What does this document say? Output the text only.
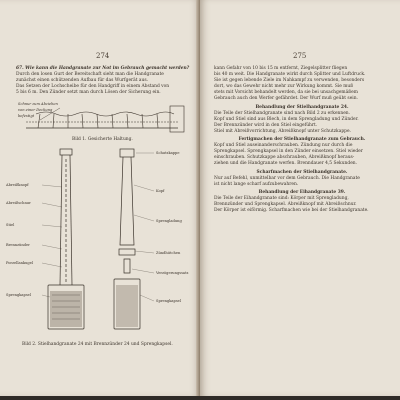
274

67. Wie kann die Handgranate zur Not im Gebrauch gemacht werden?

Durch den losen Gurt der Bereitschaft sieht man die Handgranate

zunächst einen schützenden Aufbau für das Wurfgerät aus.

Das Setzen der Lochscheibe für den Handgriff in einem Abstand von

5 bis 6 m. Den Zünder setzt man durch Lösen der Sicherung ein.

Schnur zum Abziehen
von einer Deckung
befestigt
Bild 1. Gesicherte Haltung.
Abreißknopf
Abreißschnur
Stiel
Brennzünder
Porzellankugel
Sprengkapsel
Schutzkappe
Kopf
Sprengladung
Zündhütchen
Verzögerungssatz
Sprengkapsel
Bild 2. Stielhandgranate 24 mit Brennzünder 24 und Sprengkapsel.
275

kann Gefahr von 10 bis 15 m entfernt, Ziegelsplitter fliegen

bis 40 m weit. Die Handgranate wirkt durch Splitter und Luftdruck.

Sie ist gegen lebende Ziele im Nahkampf zu verwenden, besonders

dort, wo das Gewehr nicht mehr zur Wirkung kommt. Sie muß

stets mit Vorsicht behandelt werden, da sie bei unsachgemäßem

Gebrauch auch den Werfer gefährdet. Der Wurf muß geübt sein.

Behandlung der Stielhandgranate 24.

Die Teile der Stielhandgranate sind nach Bild 2 zu erkennen.

Kopf und Stiel sind aus Blech, in dem Sprengladung und Zünder.

Der Brennzünder wird in den Stiel eingeführt.

Stiel mit Abreißvorrichtung, Abreißknopf unter Schutzkappe.

Fertigmachen der Stielhandgranate zum Gebrauch.

Kopf und Stiel auseinanderschrauben. Zündung nur durch die

Sprengkapsel. Sprengkapsel in den Zünder einsetzen. Stiel wieder

einschrauben. Schutzkappe abschrauben, Abreißknopf heraus-

ziehen und die Handgranate werfen. Brenndauer 4,5 Sekunden.

Scharfmachen der Stielhandgranate.

Nur auf Befehl, unmittelbar vor dem Gebrauch. Die Handgranate

ist nicht lange scharf aufzubewahren.

Behandlung der Eihandgranate 39.

Die Teile der Eihandgranate sind: Körper mit Sprengladung,

Brennzünder und Sprengkapsel. Abreißknopf mit Abreißschnur.

Der Körper ist eiförmig. Scharfmachen wie bei der Stielhandgranate.
